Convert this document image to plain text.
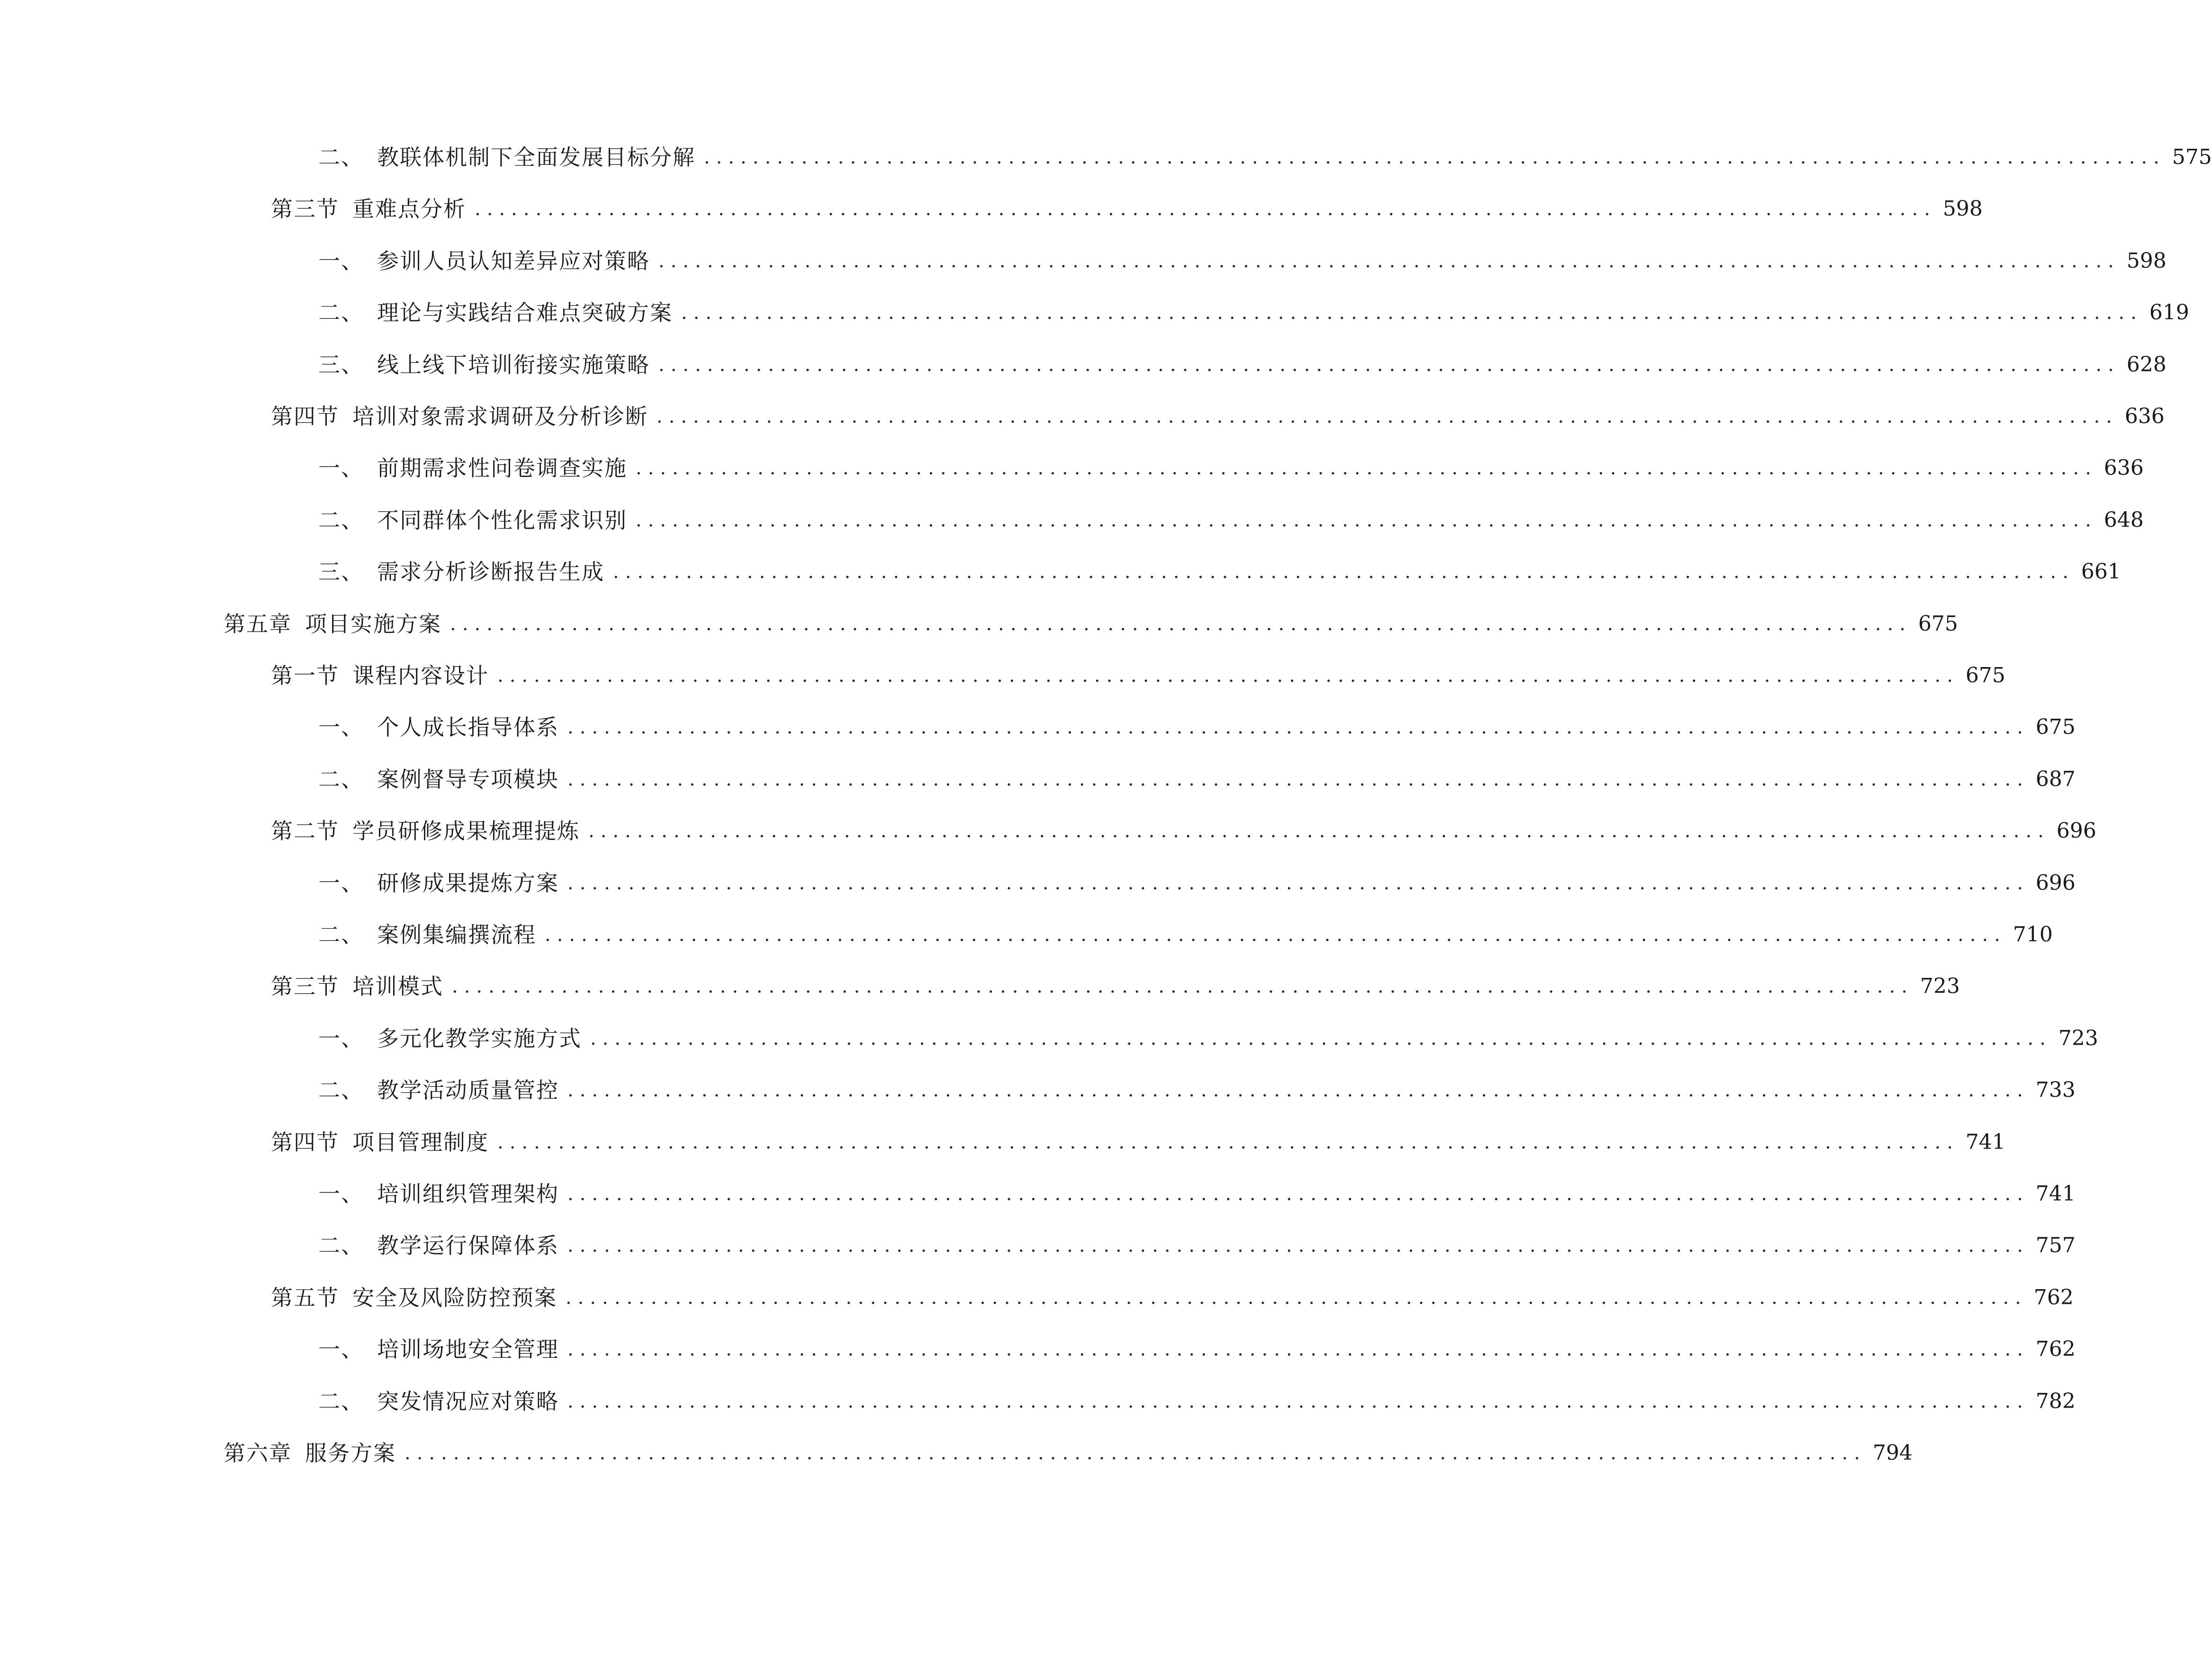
二、 教联体机制下全面发展目标分解 ........................................................................................................................ 575
第三节 重难点分析 ........................................................................................................................ 598
一、 参训人员认知差异应对策略 ........................................................................................................................ 598
二、 理论与实践结合难点突破方案 ........................................................................................................................ 619
三、 线上线下培训衔接实施策略 ........................................................................................................................ 628
第四节 培训对象需求调研及分析诊断 ........................................................................................................................ 636
一、 前期需求性问卷调查实施 ........................................................................................................................ 636
二、 不同群体个性化需求识别 ........................................................................................................................ 648
三、 需求分析诊断报告生成 ........................................................................................................................ 661
第五章 项目实施方案 ........................................................................................................................ 675
第一节 课程内容设计 ........................................................................................................................ 675
一、 个人成长指导体系 ........................................................................................................................ 675
二、 案例督导专项模块 ........................................................................................................................ 687
第二节 学员研修成果梳理提炼 ........................................................................................................................ 696
一、 研修成果提炼方案 ........................................................................................................................ 696
二、 案例集编撰流程 ........................................................................................................................ 710
第三节 培训模式 ........................................................................................................................ 723
一、 多元化教学实施方式 ........................................................................................................................ 723
二、 教学活动质量管控 ........................................................................................................................ 733
第四节 项目管理制度 ........................................................................................................................ 741
一、 培训组织管理架构 ........................................................................................................................ 741
二、 教学运行保障体系 ........................................................................................................................ 757
第五节 安全及风险防控预案 ........................................................................................................................ 762
一、 培训场地安全管理 ........................................................................................................................ 762
二、 突发情况应对策略 ........................................................................................................................ 782
第六章 服务方案 ........................................................................................................................ 794
